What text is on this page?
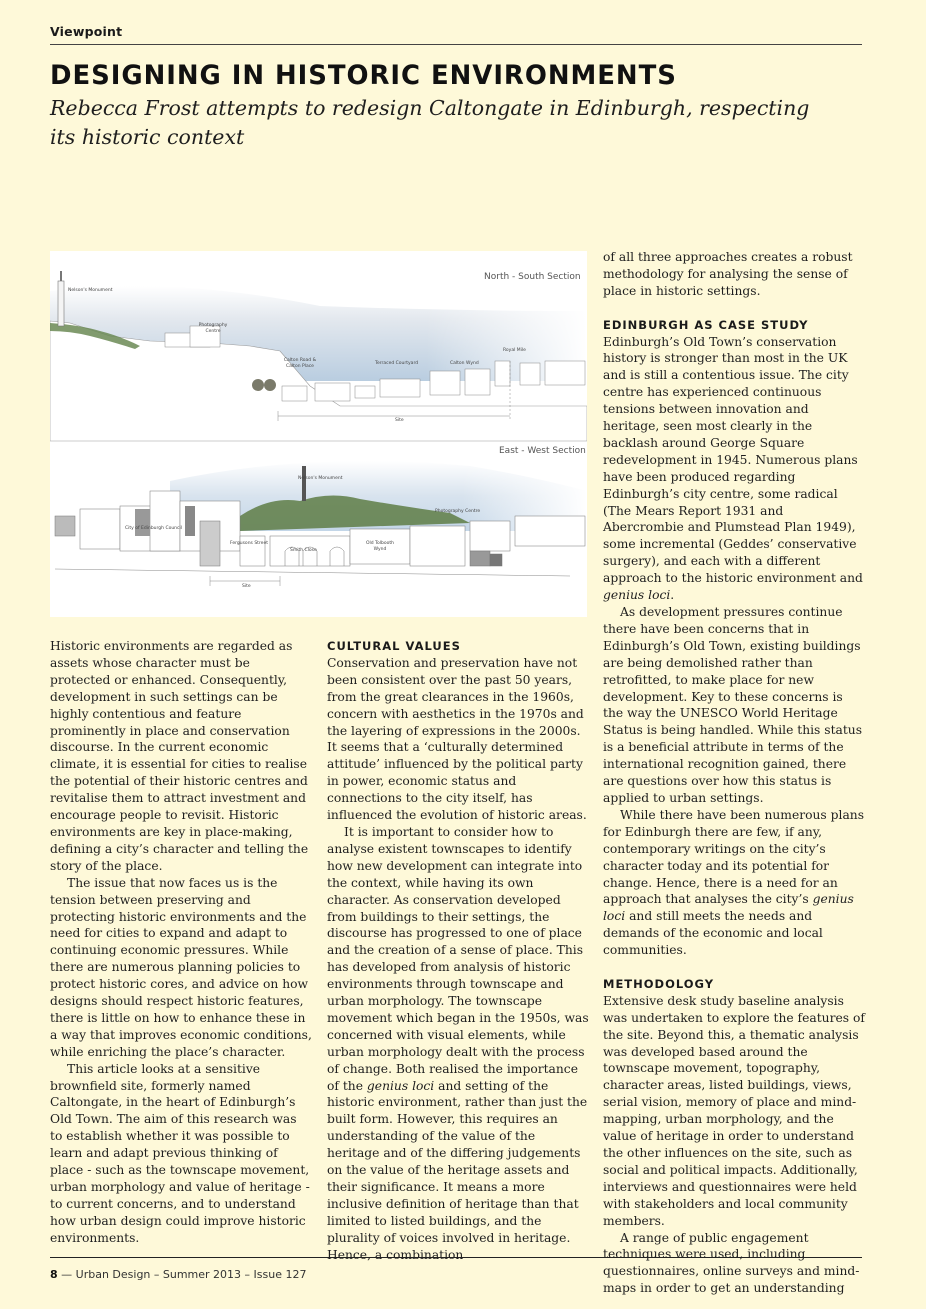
Viewpoint
DESIGNING IN HISTORIC ENVIRONMENTS
Rebecca Frost attempts to redesign Caltongate in Edinburgh, respecting its historic context
North - South Section
Nelson's Monument
Photography Centre
Calton Road & Calton Place
Terraced Courtyard	Calton Wynd
Royal Mile
Site
East - West Section
Nelson's Monument
Photography Centre
City of Edinburgh Council
Fergusons Street
Smith Close
Old Tolbooth Wynd
Site

Historic environments are regarded as assets whose character must be protected or enhanced. Consequently, development in such settings can be highly contentious and feature prominently in place and conservation discourse. In the current economic climate, it is essential for cities to realise the potential of their historic centres and revitalise them to attract investment and encourage people to revisit. Historic environments are key in place-making, defining a city’s character and telling the story of the place.

The issue that now faces us is the tension between preserving and protecting historic environments and the need for cities to expand and adapt to continuing economic pressures. While there are numerous planning policies to protect historic cores, and advice on how designs should respect historic features, there is little on how to enhance these in a way that improves economic conditions, while enriching the place’s character.

This article looks at a sensitive brownfield site, formerly named Caltongate, in the heart of Edinburgh’s Old Town. The aim of this research was to establish whether it was possible to learn and adapt previous thinking of place - such as the townscape movement, urban morphology and value of heritage - to current concerns, and to understand how urban design could improve historic environments.

CULTURAL VALUES

Conservation and preservation have not been consistent over the past 50 years, from the great clearances in the 1960s, concern with aesthetics in the 1970s and the layering of expressions in the 2000s. It seems that a ‘culturally determined attitude’ influenced by the political party in power, economic status and connections to the city itself, has influenced the evolution of historic areas.

It is important to consider how to analyse existent townscapes to identify how new development can integrate into the context, while having its own character. As conservation developed from buildings to their settings, the discourse has progressed to one of place and the creation of a sense of place. This has developed from analysis of historic environments through townscape and urban morphology. The townscape movement which began in the 1950s, was concerned with visual elements, while urban morphology dealt with the process of change. Both realised the importance of the genius loci and setting of the historic environment, rather than just the built form. However, this requires an understanding of the value of the heritage and of the differing judgements on the value of the heritage assets and their significance. It means a more inclusive definition of heritage than that limited to listed buildings, and the plurality of voices involved in heritage. Hence, a combination

of all three approaches creates a robust methodology for analysing the sense of place in historic settings.

EDINBURGH AS CASE STUDY

Edinburgh’s Old Town’s conservation history is stronger than most in the UK and is still a contentious issue. The city centre has experienced continuous tensions between innovation and heritage, seen most clearly in the backlash around George Square redevelopment in 1945. Numerous plans have been produced regarding Edinburgh’s city centre, some radical (The Mears Report 1931 and Abercrombie and Plumstead Plan 1949), some incremental (Geddes’ conservative surgery), and each with a different approach to the historic environment and genius loci.

As development pressures continue there have been concerns that in Edinburgh’s Old Town, existing buildings are being demolished rather than retrofitted, to make place for new development. Key to these concerns is the way the UNESCO World Heritage Status is being handled. While this status is a beneficial attribute in terms of the international recognition gained, there are questions over how this status is applied to urban settings.

While there have been numerous plans for Edinburgh there are few, if any, contemporary writings on the city’s character today and its potential for change. Hence, there is a need for an approach that analyses the city’s genius loci and still meets the needs and demands of the economic and local communities.

METHODOLOGY

Extensive desk study baseline analysis was undertaken to explore the features of the site. Beyond this, a thematic analysis was developed based around the townscape movement, topography, character areas, listed buildings, views, serial vision, memory of place and mind-mapping, urban morphology, and the value of heritage in order to understand the other influences on the site, such as social and political impacts. Additionally, interviews and questionnaires were held with stakeholders and local community members.

A range of public engagement techniques were used, including questionnaires, online surveys and mind-maps in order to get an understanding

8 — Urban Design – Summer 2013 – Issue 127
